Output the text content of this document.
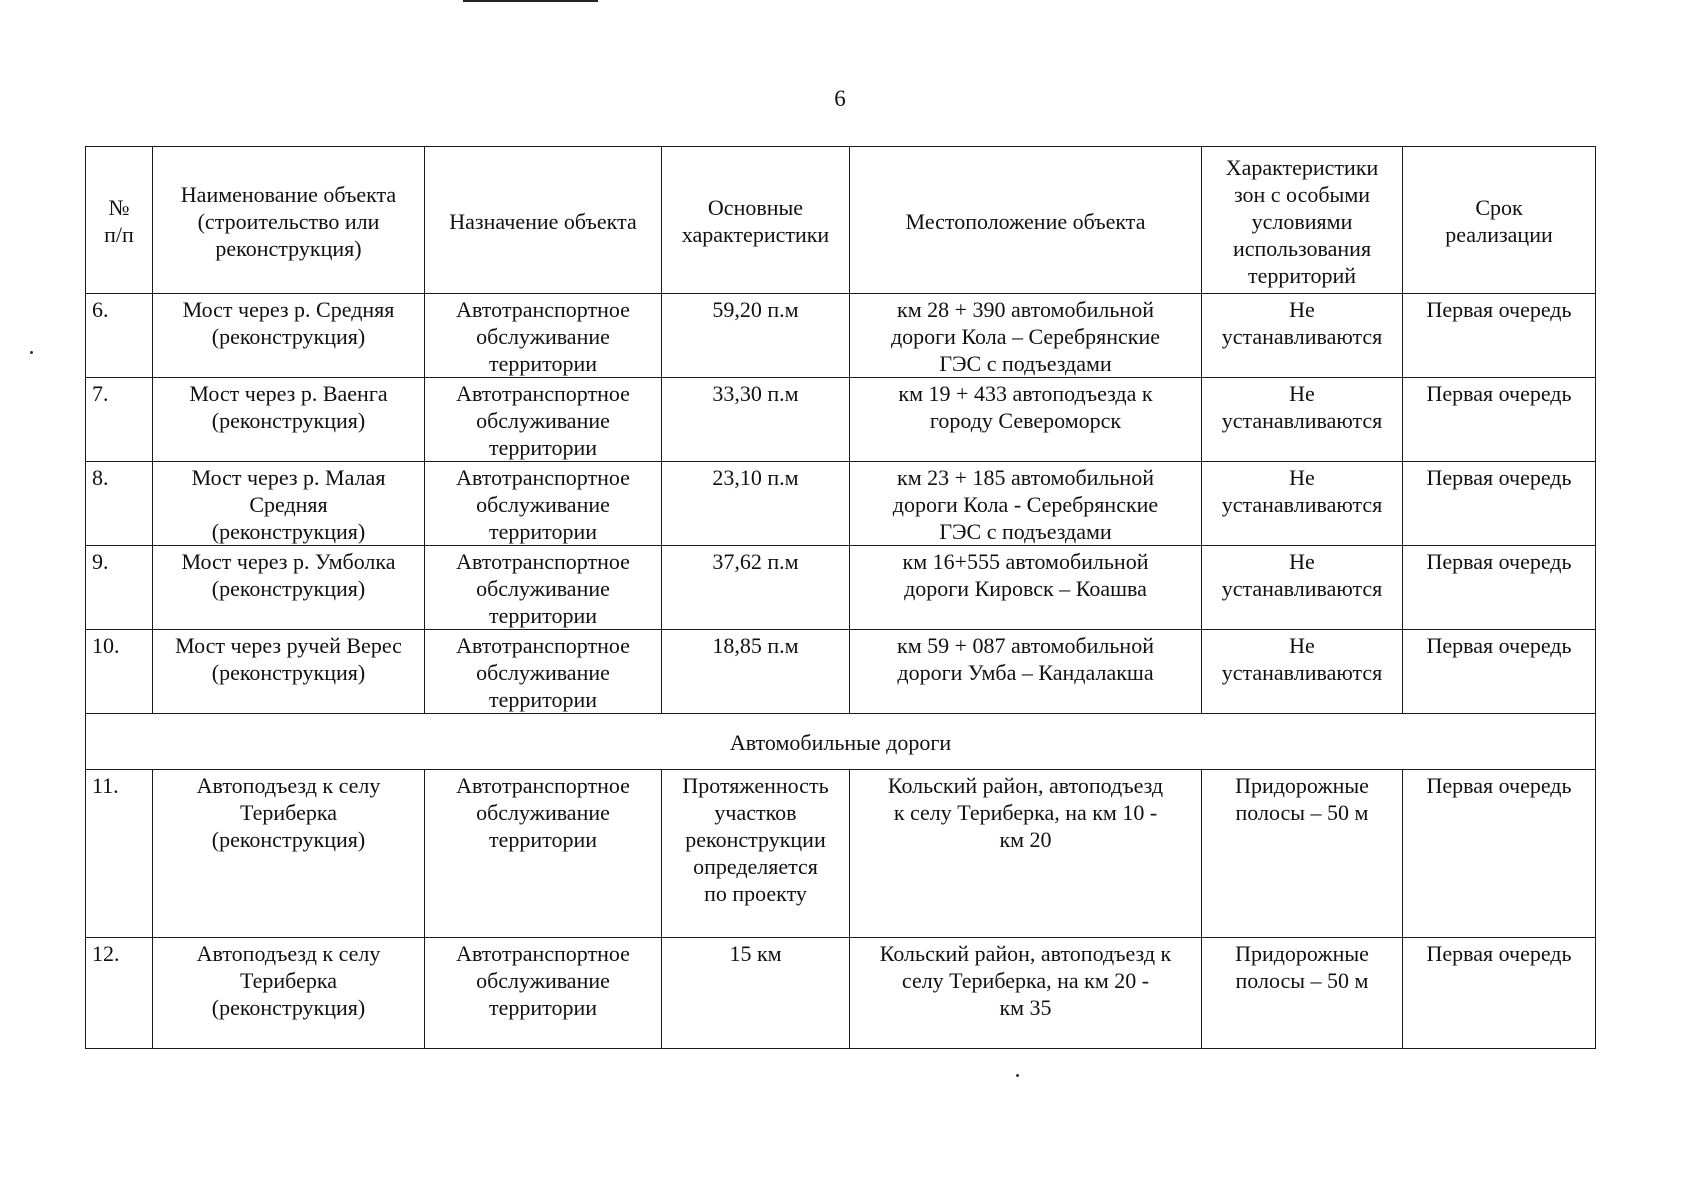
6
№
п/п	Наименование объекта
(строительство или
реконструкция)	Назначение объекта	Основные
характеристики	Местоположение объекта	Характеристики
зон с особыми
условиями
использования
территорий	Срок
реализации
6.	Мост через р. Средняя
(реконструкция)	Автотранспортное
обслуживание
территории	59,20 п.м	км 28 + 390 автомобильной
дороги Кола – Серебрянские
ГЭС с подъездами	Не
устанавливаются	Первая очередь
7.	Мост через р. Ваенга
(реконструкция)	Автотранспортное
обслуживание
территории	33,30 п.м	км 19 + 433 автоподъезда к
городу Североморск	Не
устанавливаются	Первая очередь
8.	Мост через р. Малая
Средняя
(реконструкция)	Автотранспортное
обслуживание
территории	23,10 п.м	км 23 + 185 автомобильной
дороги Кола - Серебрянские
ГЭС с подъездами	Не
устанавливаются	Первая очередь
9.	Мост через р. Умболка
(реконструкция)	Автотранспортное
обслуживание
территории	37,62 п.м	км 16+555 автомобильной
дороги Кировск – Коашва	Не
устанавливаются	Первая очередь
10.	Мост через ручей Верес
(реконструкция)	Автотранспортное
обслуживание
территории	18,85 п.м	км 59 + 087 автомобильной
дороги Умба – Кандалакша	Не
устанавливаются	Первая очередь
Автомобильные дороги						
11.	Автоподъезд к селу
Териберка
(реконструкция)	Автотранспортное
обслуживание
территории	Протяженность
участков
реконструкции
определяется
по проекту	Кольский район, автоподъезд
к селу Териберка, на км 10 -
км 20	Придорожные
полосы – 50 м	Первая очередь
12.	Автоподъезд к селу
Териберка
(реконструкция)	Автотранспортное
обслуживание
территории	15 км	Кольский район, автоподъезд к
селу Териберка, на км 20 -
км 35	Придорожные
полосы – 50 м	Первая очередь
